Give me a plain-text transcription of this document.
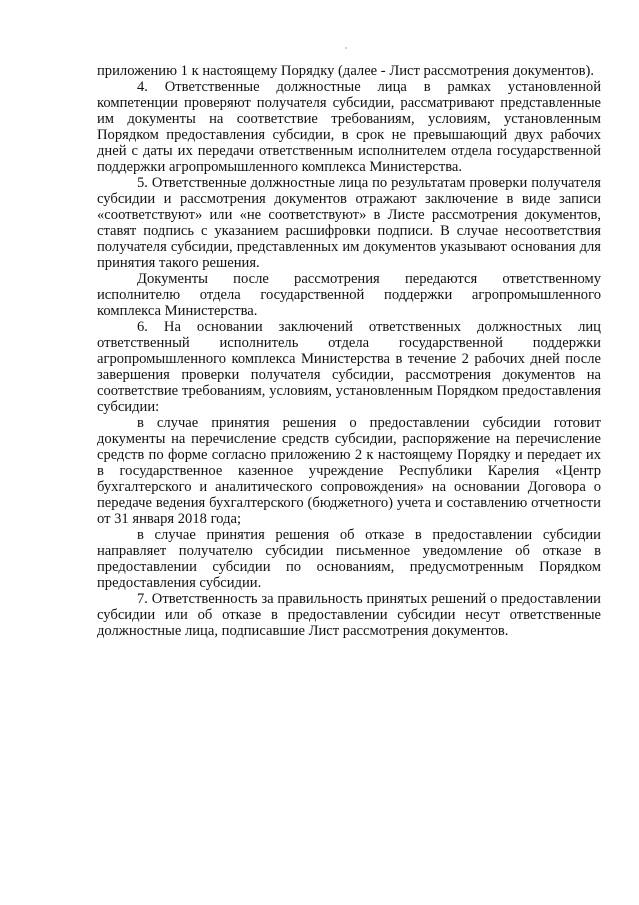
приложению 1 к настоящему Порядку (далее - Лист рассмотрения документов).

4. Ответственные должностные лица в рамках установленной компетенции проверяют получателя субсидии, рассматривают представленные им документы на соответствие требованиям, условиям, установленным Порядком предоставления субсидии, в срок не превышающий двух рабочих дней с даты их передачи ответственным исполнителем отдела государственной поддержки агропромышленного комплекса Министерства.

5. Ответственные должностные лица по результатам проверки получателя субсидии и рассмотрения документов отражают заключение в виде записи «соответствуют» или «не соответствуют» в Листе рассмотрения документов, ставят подпись с указанием расшифровки подписи. В случае несоответствия получателя субсидии, представленных им документов указывают основания для принятия такого решения.

Документы после рассмотрения передаются ответственному исполнителю отдела государственной поддержки агропромышленного комплекса Министерства.

6. На основании заключений ответственных должностных лиц ответственный исполнитель отдела государственной поддержки агропромышленного комплекса Министерства в течение 2 рабочих дней после завершения проверки получателя субсидии, рассмотрения документов на соответствие требованиям, условиям, установленным Порядком предоставления субсидии:

в случае принятия решения о предоставлении субсидии готовит документы на перечисление средств субсидии, распоряжение на перечисление средств по форме согласно приложению 2 к настоящему Порядку и передает их в государственное казенное учреждение Республики Карелия «Центр бухгалтерского и аналитического сопровождения» на основании Договора о передаче ведения бухгалтерского (бюджетного) учета и составлению отчетности от 31 января 2018 года;

в случае принятия решения об отказе в предоставлении субсидии направляет получателю субсидии письменное уведомление об отказе в предоставлении субсидии по основаниям, предусмотренным Порядком предоставления субсидии.

7. Ответственность за правильность принятых решений о предоставлении субсидии или об отказе в предоставлении субсидии несут ответственные должностные лица, подписавшие Лист рассмотрения документов.
